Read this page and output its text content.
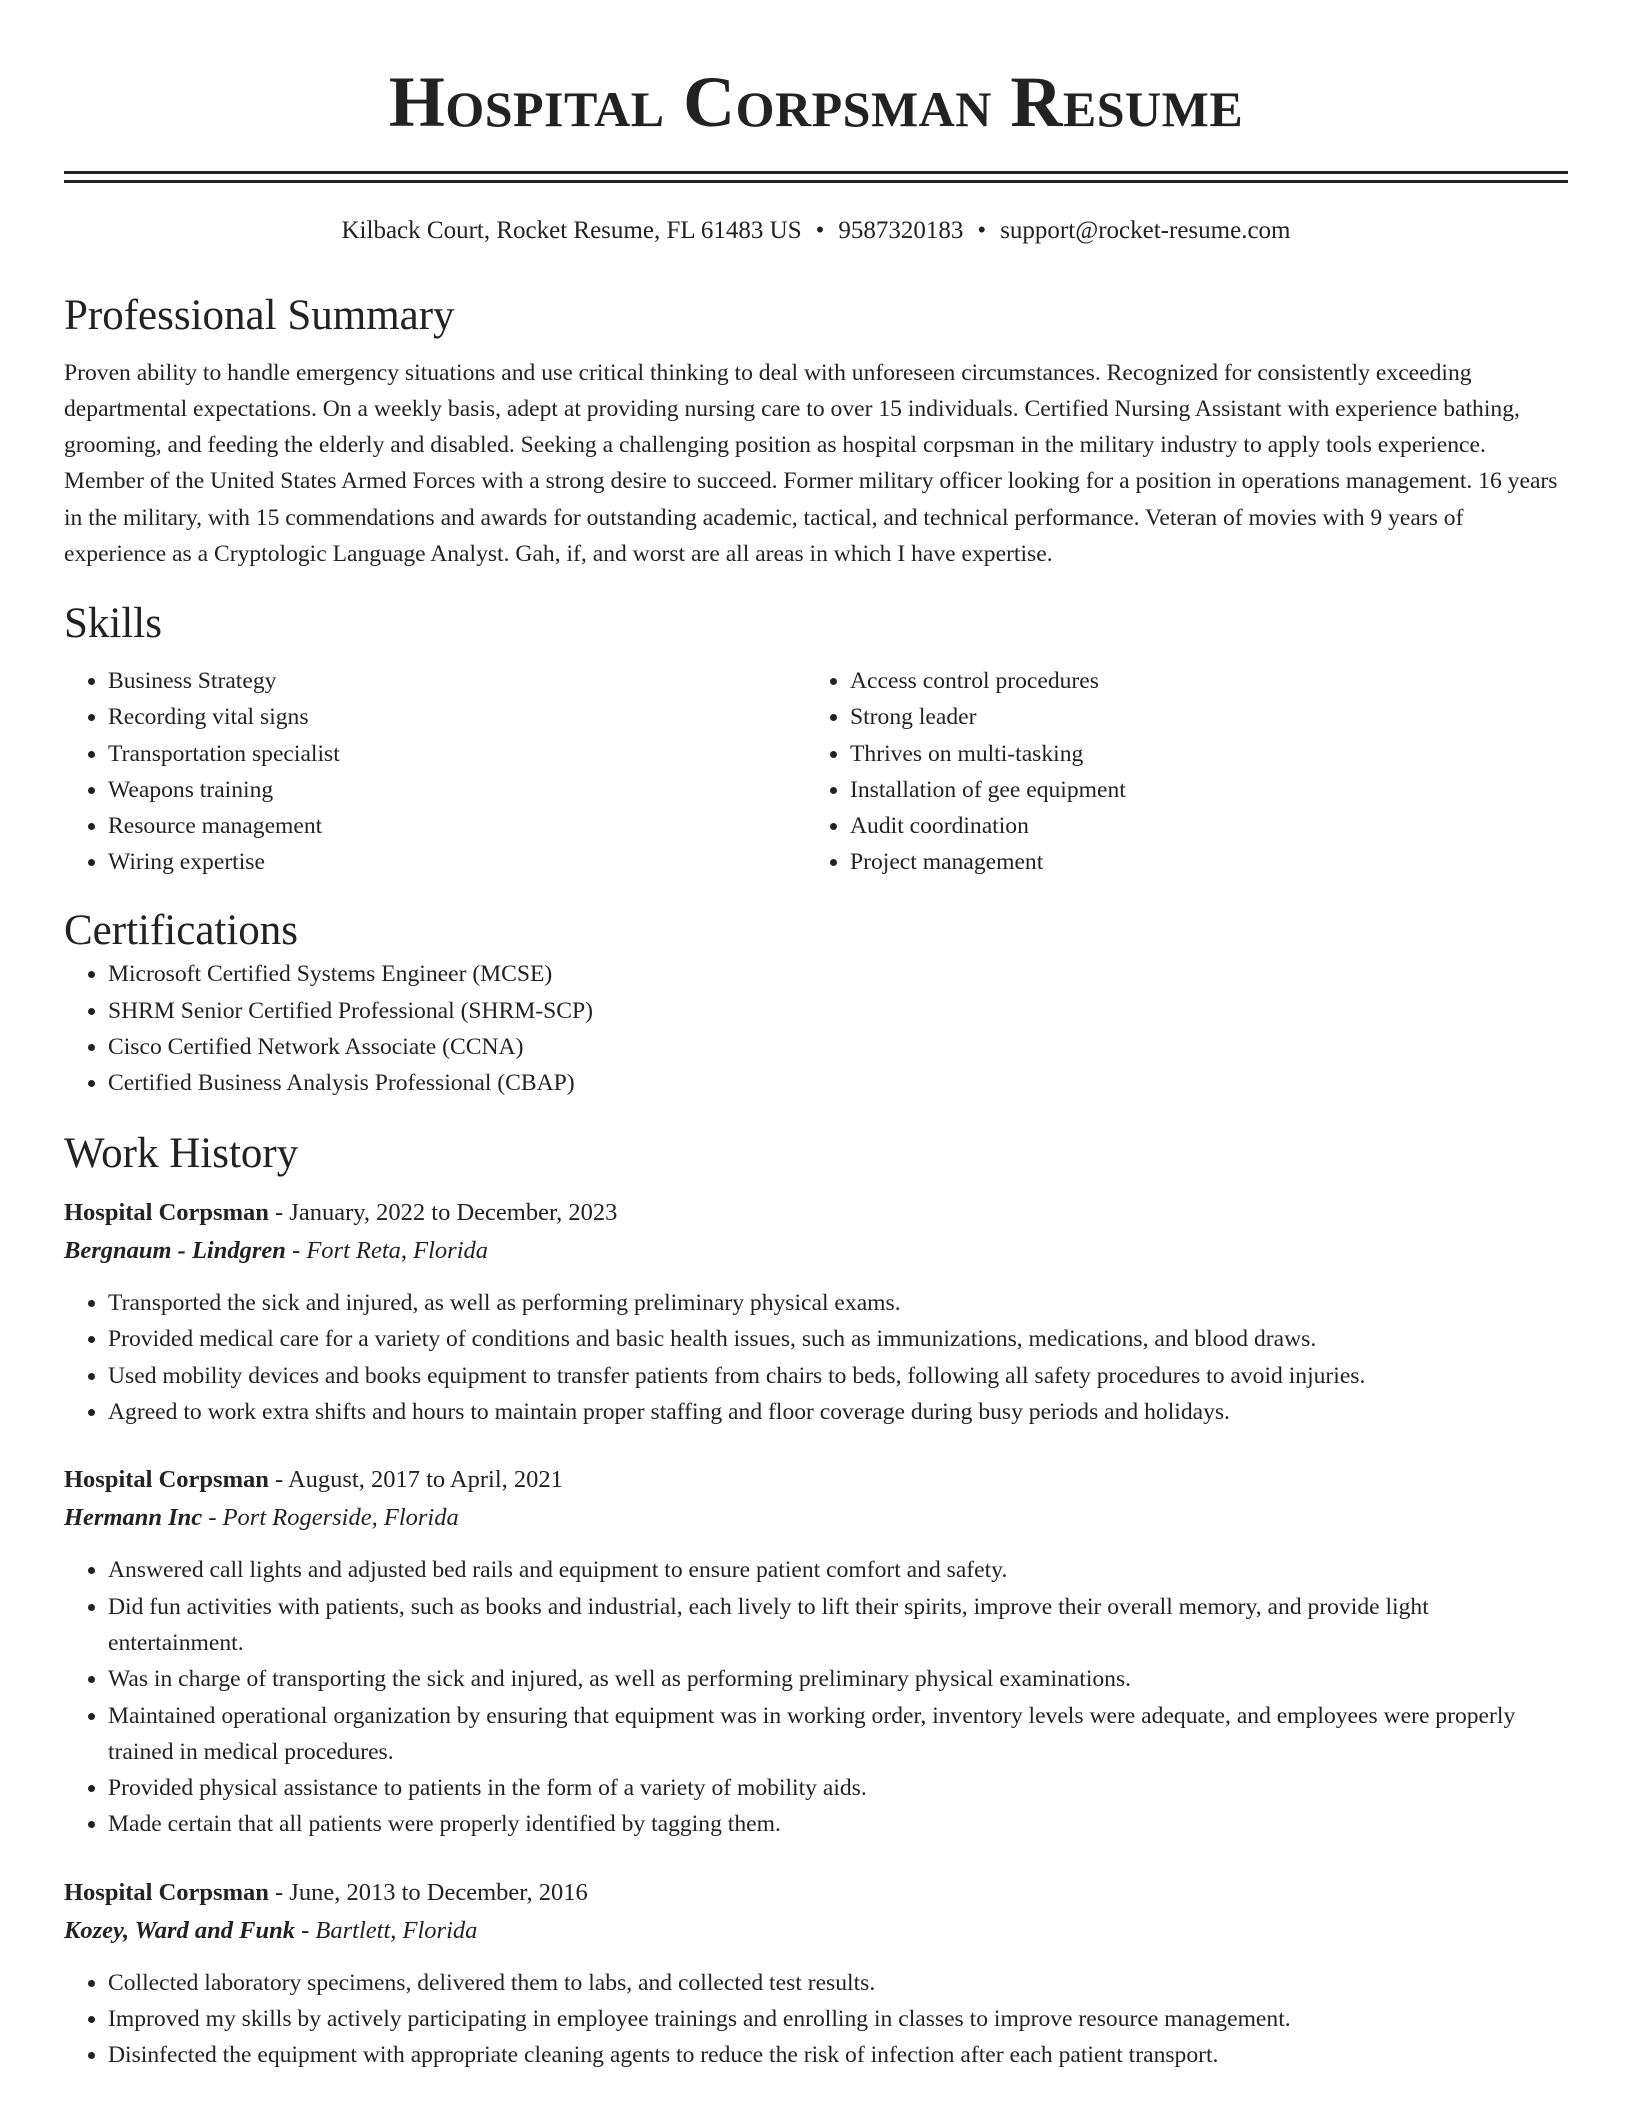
Hospital Corpsman Resume
Kilback Court, Rocket Resume, FL 61483 US • 9587320183 • support@rocket-resume.com
Professional Summary

Proven ability to handle emergency situations and use critical thinking to deal with unforeseen circumstances. Recognized for consistently exceeding departmental expectations. On a weekly basis, adept at providing nursing care to over 15 individuals. Certified Nursing Assistant with experience bathing, grooming, and feeding the elderly and disabled. Seeking a challenging position as hospital corpsman in the military industry to apply tools experience. Member of the United States Armed Forces with a strong desire to succeed. Former military officer looking for a position in operations management. 16 years in the military, with 15 commendations and awards for outstanding academic, tactical, and technical performance. Veteran of movies with 9 years of experience as a Cryptologic Language Analyst. Gah, if, and worst are all areas in which I have expertise.

Skills
• Business Strategy
• Recording vital signs
• Transportation specialist
• Weapons training
• Resource management
• Wiring expertise
• Access control procedures
• Strong leader
• Thrives on multi-tasking
• Installation of gee equipment
• Audit coordination
• Project management
Certifications
• Microsoft Certified Systems Engineer (MCSE)
• SHRM Senior Certified Professional (SHRM-SCP)
• Cisco Certified Network Associate (CCNA)
• Certified Business Analysis Professional (CBAP)
Work History
Hospital Corpsman - January, 2022 to December, 2023
Bergnaum - Lindgren - Fort Reta, Florida
• Transported the sick and injured, as well as performing preliminary physical exams.
• Provided medical care for a variety of conditions and basic health issues, such as immunizations, medications, and blood draws.
• Used mobility devices and books equipment to transfer patients from chairs to beds, following all safety procedures to avoid injuries.
• Agreed to work extra shifts and hours to maintain proper staffing and floor coverage during busy periods and holidays.
Hospital Corpsman - August, 2017 to April, 2021
Hermann Inc - Port Rogerside, Florida
• Answered call lights and adjusted bed rails and equipment to ensure patient comfort and safety.
• Did fun activities with patients, such as books and industrial, each lively to lift their spirits, improve their overall memory, and provide light entertainment.
• Was in charge of transporting the sick and injured, as well as performing preliminary physical examinations.
• Maintained operational organization by ensuring that equipment was in working order, inventory levels were adequate, and employees were properly trained in medical procedures.
• Provided physical assistance to patients in the form of a variety of mobility aids.
• Made certain that all patients were properly identified by tagging them.
Hospital Corpsman - June, 2013 to December, 2016
Kozey, Ward and Funk - Bartlett, Florida
• Collected laboratory specimens, delivered them to labs, and collected test results.
• Improved my skills by actively participating in employee trainings and enrolling in classes to improve resource management.
• Disinfected the equipment with appropriate cleaning agents to reduce the risk of infection after each patient transport.
